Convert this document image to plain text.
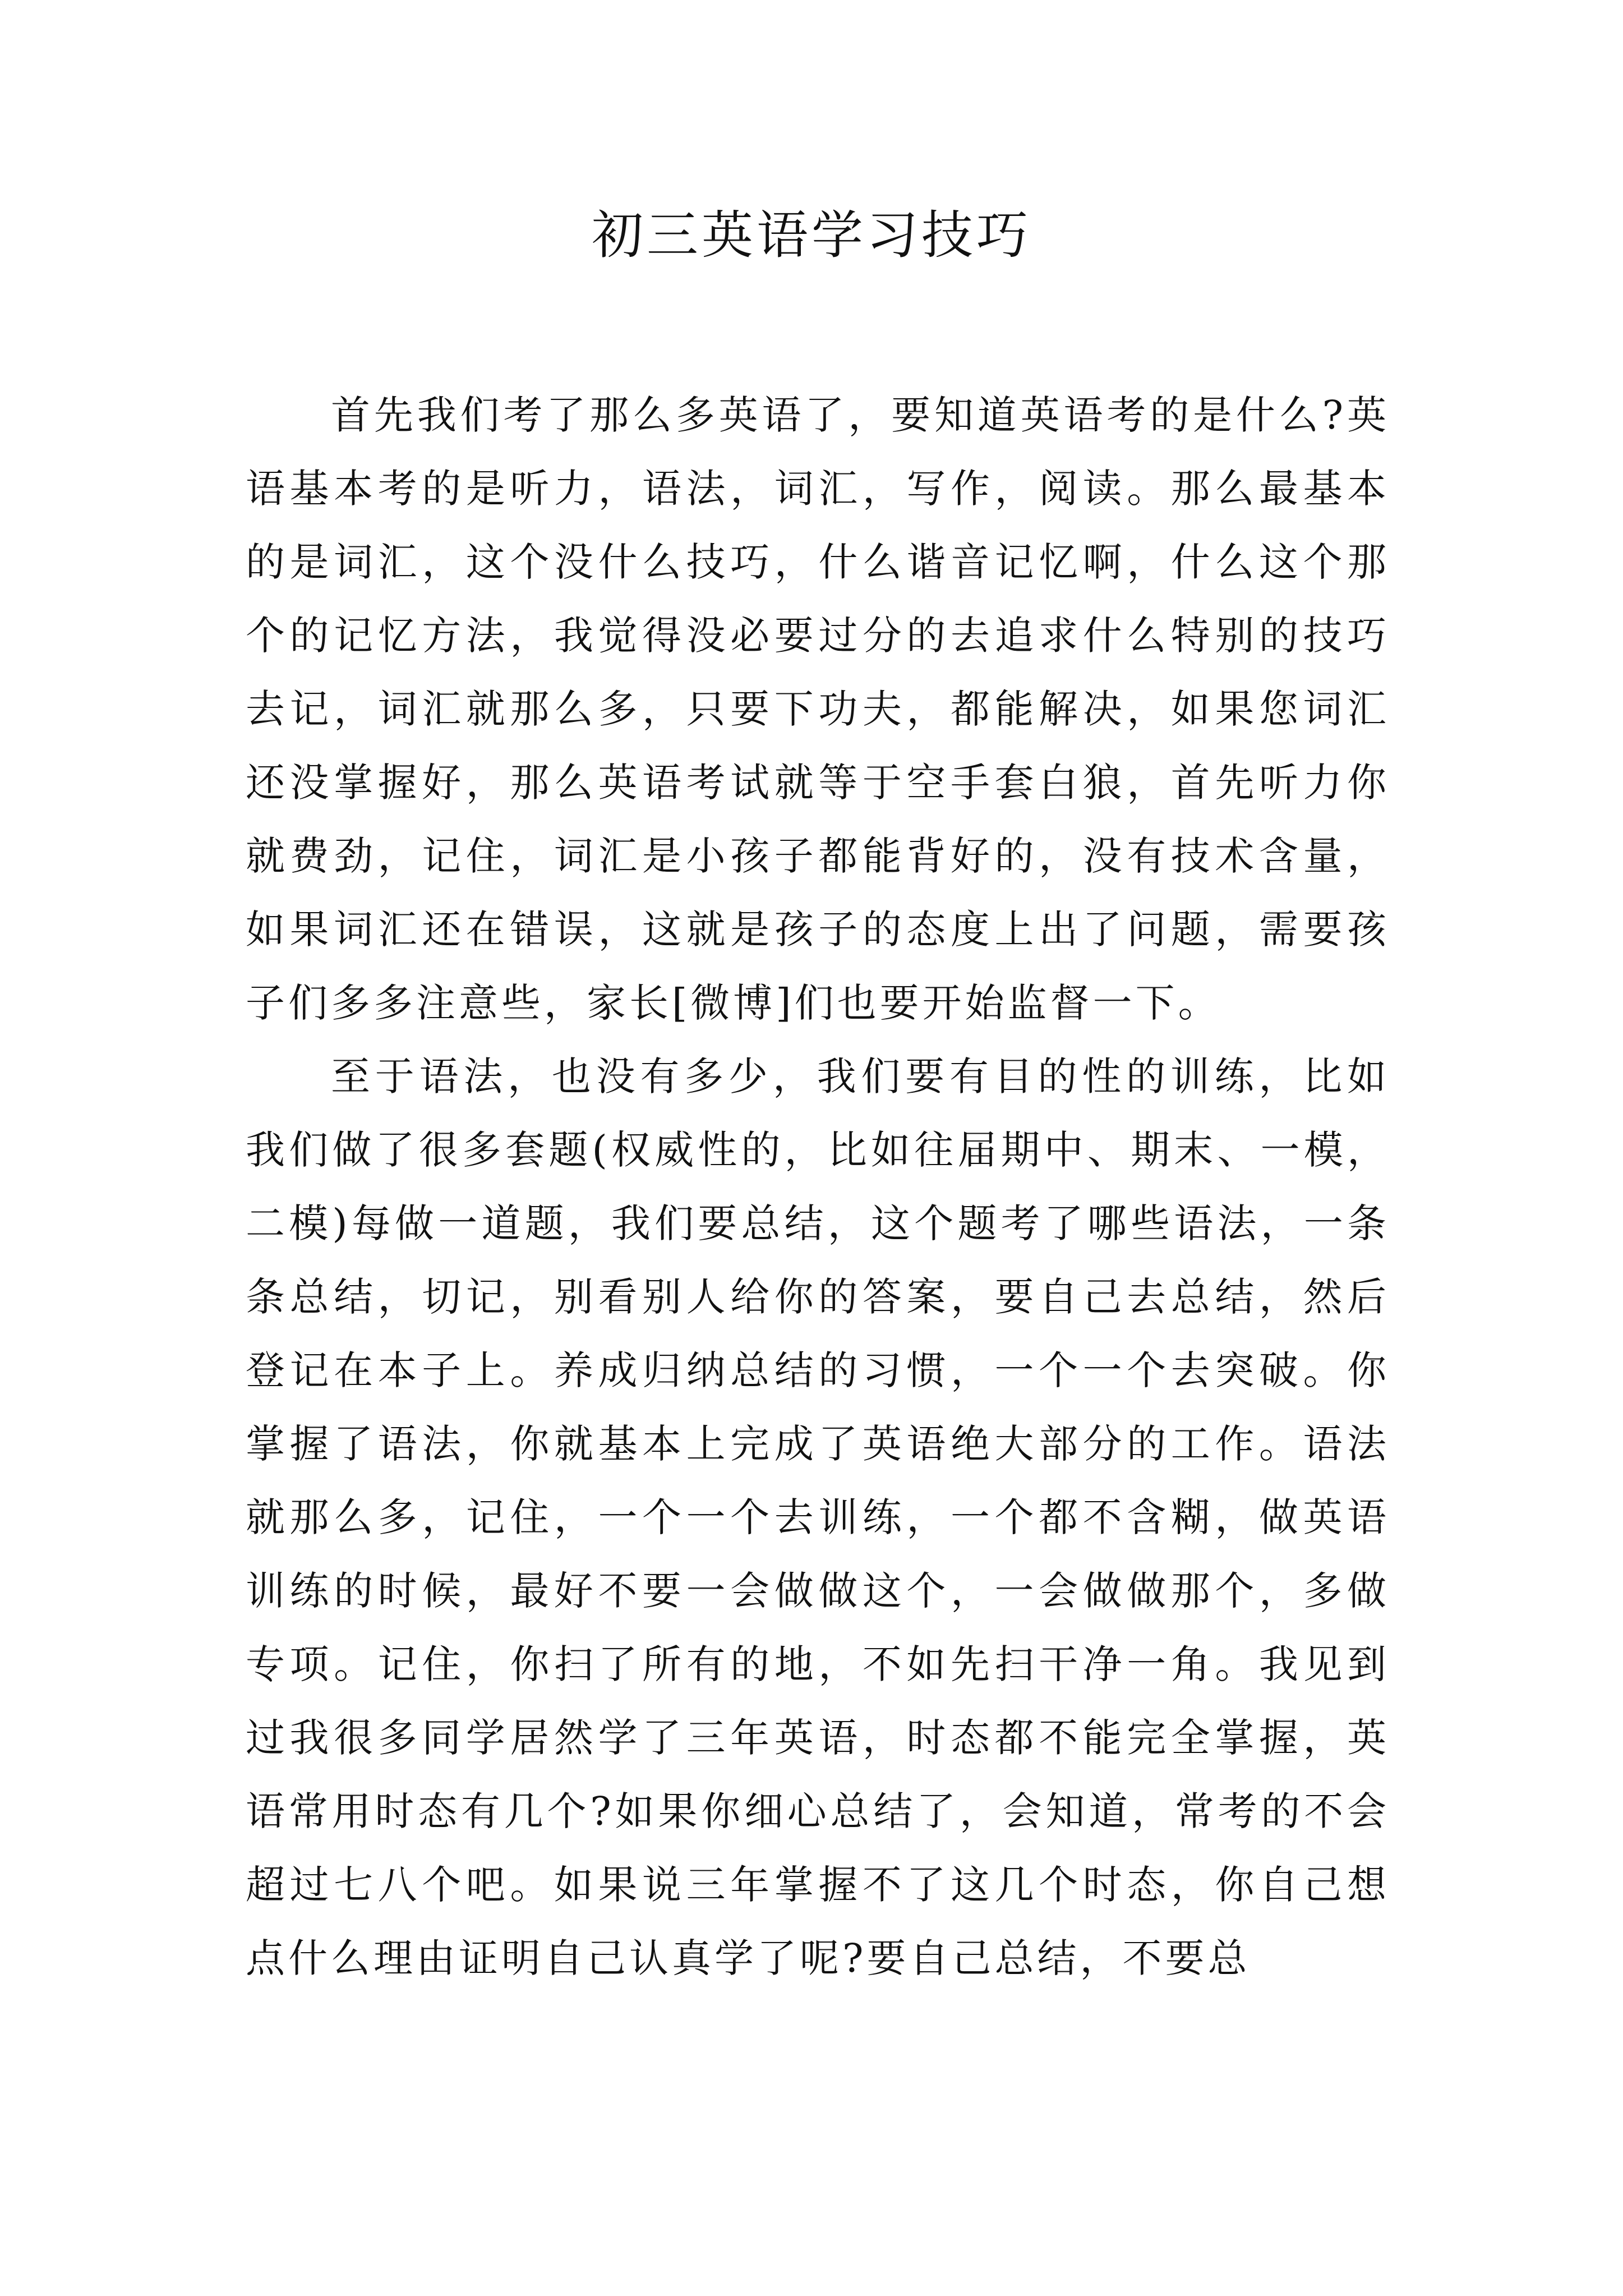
初三英语学习技巧

首先我们考了那么多英语了，要知道英语考的是什么?英语基本考的是听力，语法，词汇，写作，阅读。那么最基本的是词汇，这个没什么技巧，什么谐音记忆啊，什么这个那个的记忆方法，我觉得没必要过分的去追求什么特别的技巧去记，词汇就那么多，只要下功夫，都能解决，如果您词汇还没掌握好，那么英语考试就等于空手套白狼，首先听力你就费劲，记住，词汇是小孩子都能背好的，没有技术含量，如果词汇还在错误，这就是孩子的态度上出了问题，需要孩子们多多注意些，家长[微博]们也要开始监督一下。

至于语法，也没有多少，我们要有目的性的训练，比如我们做了很多套题(权威性的，比如往届期中、期末、一模，二模)每做一道题，我们要总结，这个题考了哪些语法，一条条总结，切记，别看别人给你的答案，要自己去总结，然后登记在本子上。养成归纳总结的习惯，一个一个去突破。你掌握了语法，你就基本上完成了英语绝大部分的工作。语法就那么多，记住，一个一个去训练，一个都不含糊，做英语训练的时候，最好不要一会做做这个，一会做做那个，多做专项。记住，你扫了所有的地，不如先扫干净一角。我见到过我很多同学居然学了三年英语，时态都不能完全掌握，英语常用时态有几个?如果你细心总结了，会知道，常考的不会超过七八个吧。如果说三年掌握不了这几个时态，你自己想点什么理由证明自己认真学了呢?要自己总结，不要总
